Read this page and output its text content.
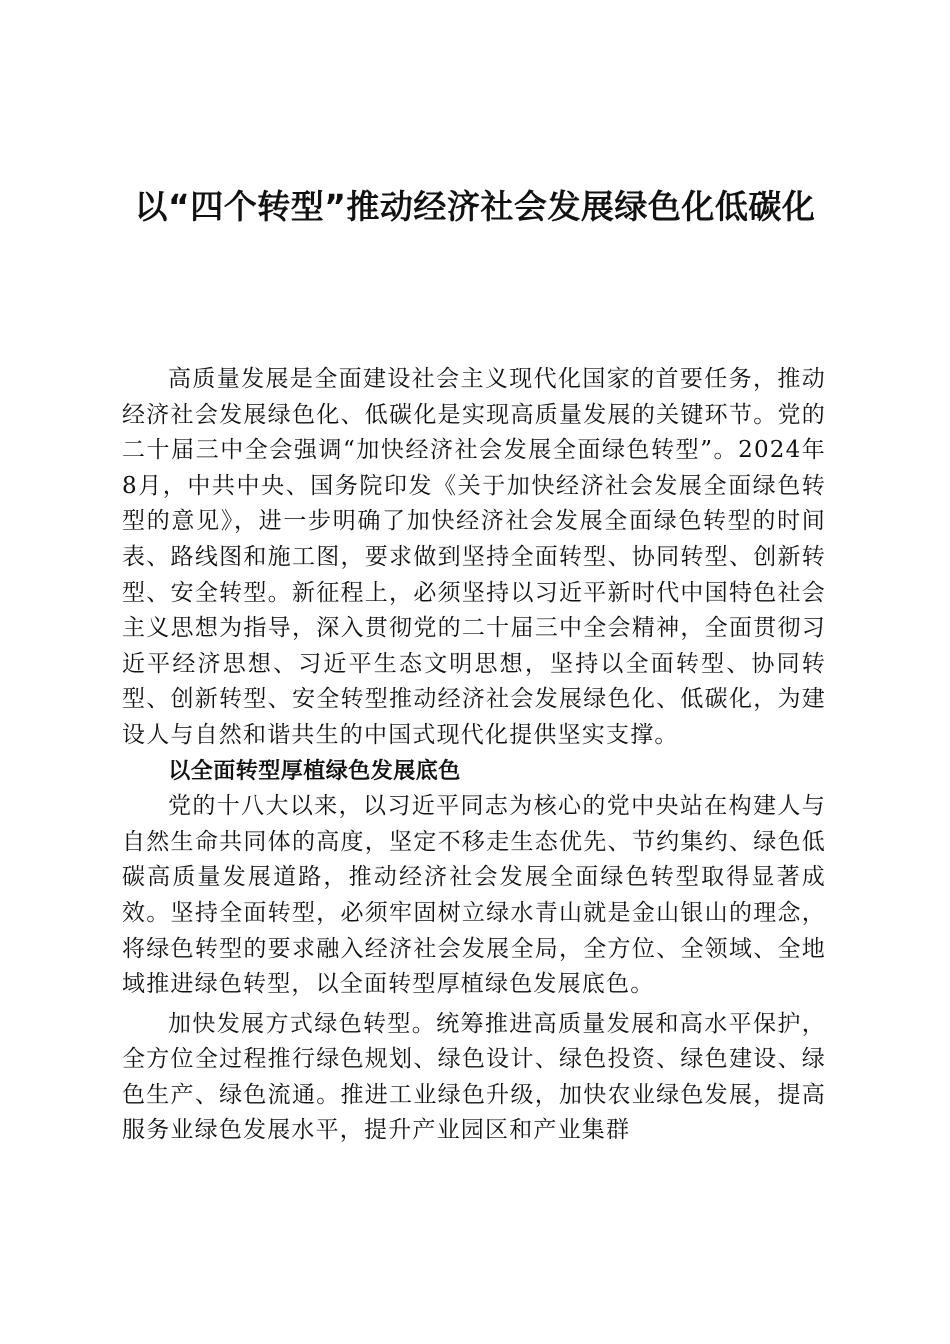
以“四个转型”推动经济社会发展绿色化低碳化

高质量发展是全面建设社会主义现代化国家的首要任务，推动经济社会发展绿色化、低碳化是实现高质量发展的关键环节。党的二十届三中全会强调“加快经济社会发展全面绿色转型”。2024年8月，中共中央、国务院印发《关于加快经济社会发展全面绿色转型的意见》，进一步明确了加快经济社会发展全面绿色转型的时间表、路线图和施工图，要求做到坚持全面转型、协同转型、创新转型、安全转型。新征程上，必须坚持以习近平新时代中国特色社会主义思想为指导，深入贯彻党的二十届三中全会精神，全面贯彻习近平经济思想、习近平生态文明思想，坚持以全面转型、协同转型、创新转型、安全转型推动经济社会发展绿色化、低碳化，为建设人与自然和谐共生的中国式现代化提供坚实支撑。

以全面转型厚植绿色发展底色

党的十八大以来，以习近平同志为核心的党中央站在构建人与自然生命共同体的高度，坚定不移走生态优先、节约集约、绿色低碳高质量发展道路，推动经济社会发展全面绿色转型取得显著成效。坚持全面转型，必须牢固树立绿水青山就是金山银山的理念，将绿色转型的要求融入经济社会发展全局，全方位、全领域、全地域推进绿色转型，以全面转型厚植绿色发展底色。

加快发展方式绿色转型。统筹推进高质量发展和高水平保护，全方位全过程推行绿色规划、绿色设计、绿色投资、绿色建设、绿色生产、绿色流通。推进工业绿色升级，加快农业绿色发展，提高服务业绿色发展水平，提升产业园区和产业集群
